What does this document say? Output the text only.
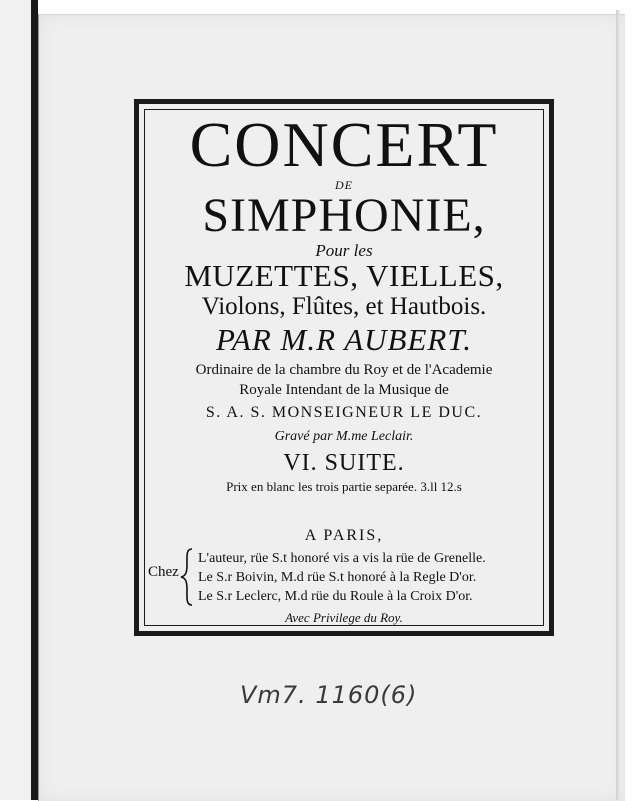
CONCERT
DE
SIMPHONIE,
Pour les
MUZETTES, VIELLES,
Violons, Flûtes, et Hautbois.
PAR M.R AUBERT.
Ordinaire de la chambre du Roy et de l'Academie
Royale Intendant de la Musique de
S. A. S. MONSEIGNEUR LE DUC.
Gravé par M.me Leclair.
VI. SUITE.
Prix en blanc les trois partie separée. 3.ll 12.s
A PARIS,
Chez
L'auteur, rüe S.t honoré vis a vis la rüe de Grenelle.
Le S.r Boivin, M.d rüe S.t honoré à la Regle D'or.
Le S.r Leclerc, M.d rüe du Roule à la Croix D'or.
Avec Privilege du Roy.
Vm7. 1160(6)
